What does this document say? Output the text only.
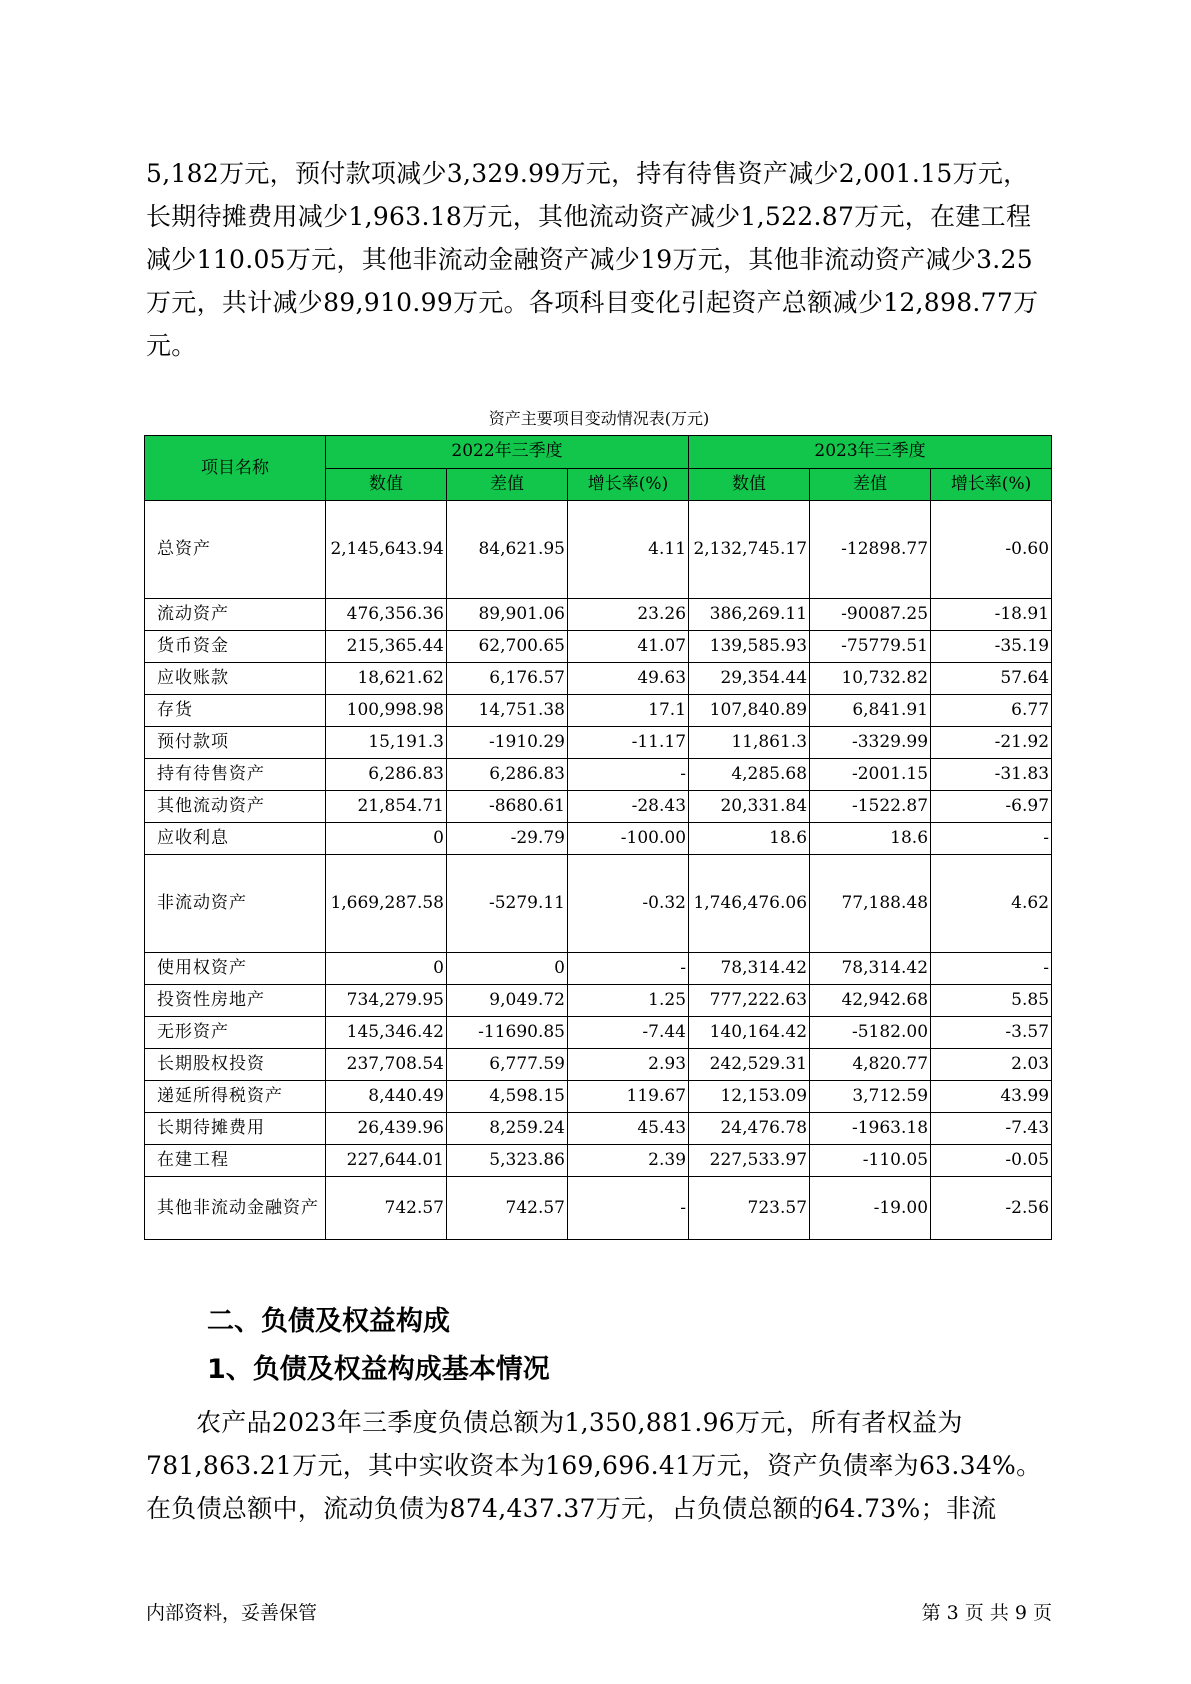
5,182万元，预付款项减少3,329.99万元，持有待售资产减少2,001.15万元，长期待摊费用减少1,963.18万元，其他流动资产减少1,522.87万元，在建工程减少110.05万元，其他非流动金融资产减少19万元，其他非流动资产减少3.25万元，共计减少89,910.99万元。各项科目变化引起资产总额减少12,898.77万元。

资产主要项目变动情况表(万元)
项目名称	2022年三季度			2023年三季度		
	数值	差值	增长率(%)	数值	差值	增长率(%)
总资产	2,145,643.94	84,621.95	4.11	2,132,745.17	-12898.77	-0.60
流动资产	476,356.36	89,901.06	23.26	386,269.11	-90087.25	-18.91
货币资金	215,365.44	62,700.65	41.07	139,585.93	-75779.51	-35.19
应收账款	18,621.62	6,176.57	49.63	29,354.44	10,732.82	57.64
存货	100,998.98	14,751.38	17.1	107,840.89	6,841.91	6.77
预付款项	15,191.3	-1910.29	-11.17	11,861.3	-3329.99	-21.92
持有待售资产	6,286.83	6,286.83	-	4,285.68	-2001.15	-31.83
其他流动资产	21,854.71	-8680.61	-28.43	20,331.84	-1522.87	-6.97
应收利息	0	-29.79	-100.00	18.6	18.6	-
非流动资产	1,669,287.58	-5279.11	-0.32	1,746,476.06	77,188.48	4.62
使用权资产	0	0	-	78,314.42	78,314.42	-
投资性房地产	734,279.95	9,049.72	1.25	777,222.63	42,942.68	5.85
无形资产	145,346.42	-11690.85	-7.44	140,164.42	-5182.00	-3.57
长期股权投资	237,708.54	6,777.59	2.93	242,529.31	4,820.77	2.03
递延所得税资产	8,440.49	4,598.15	119.67	12,153.09	3,712.59	43.99
长期待摊费用	26,439.96	8,259.24	45.43	24,476.78	-1963.18	-7.43
在建工程	227,644.01	5,323.86	2.39	227,533.97	-110.05	-0.05
其他非流动金融资产	742.57	742.57	-	723.57	-19.00	-2.56
二、负债及权益构成
1、负债及权益构成基本情况

农产品2023年三季度负债总额为1,350,881.96万元，所有者权益为781,863.21万元，其中实收资本为169,696.41万元，资产负债率为63.34%。在负债总额中，流动负债为874,437.37万元，占负债总额的64.73%；非流

内部资料，妥善保管	第 3 页 共 9 页
